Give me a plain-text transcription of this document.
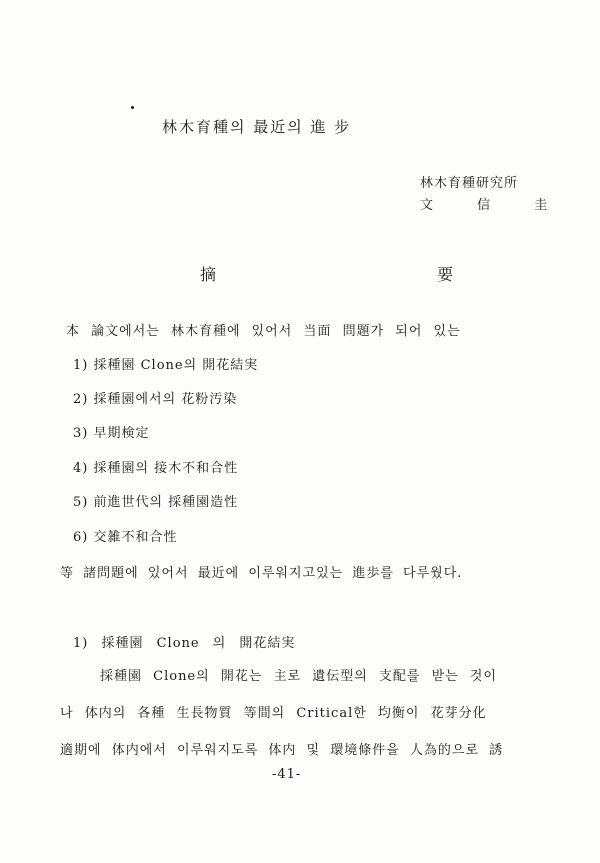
林木育種의 最近의 進 步
林木育種研究所
文 信 圭
摘 要
本 論文에서는 林木育種에 있어서 当面 問題가 되어 있는
1) 採種園 Clone의 開花結実
2) 採種園에서의 花粉汚染
3) 早期検定
4) 採種園의 接木不和合性
5) 前進世代의 採種園造性
6) 交雑不和合性
等 諸問題에 있어서 最近에 이루워지고있는 進歩를 다루웠다.
1) 採種園 Clone 의 開花結実
採種園 Clone의 開花는 主로 遺伝型의 支配를 받는 것이
나 体内의 各種 生長物質 等間의 Critical한 均衡이 花芽分化
適期에 体内에서 이루워지도록 体内 및 環境條件을 人為的으로 誘
-41-
